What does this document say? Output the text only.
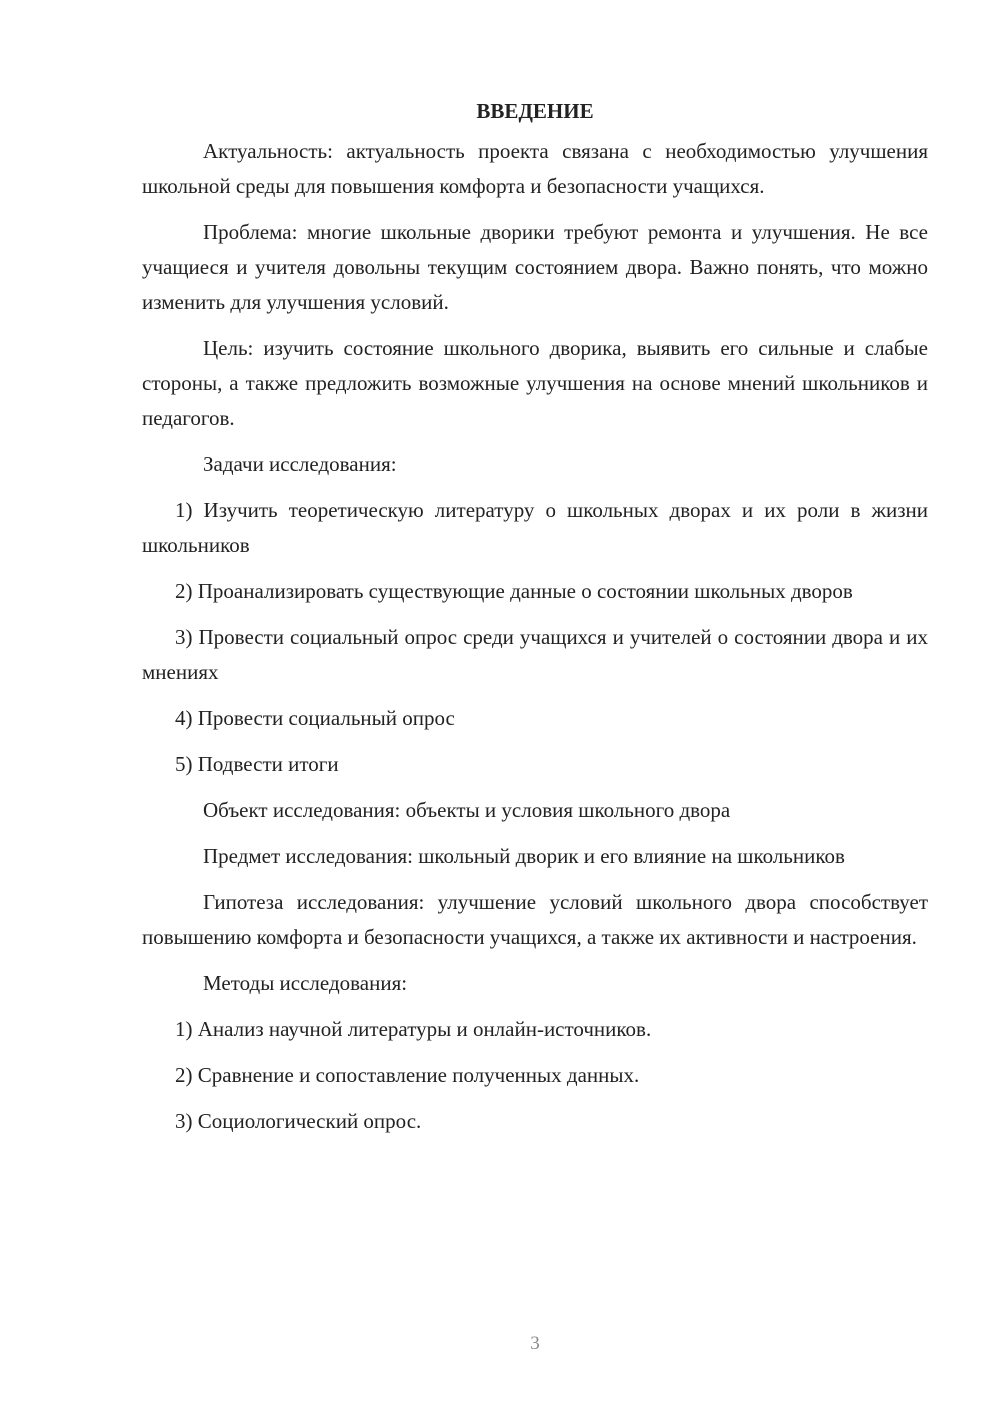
ВВЕДЕНИЕ

Актуальность: актуальность проекта связана с необходимостью улучшения школьной среды для повышения комфорта и безопасности учащихся.

Проблема: многие школьные дворики требуют ремонта и улучшения. Не все учащиеся и учителя довольны текущим состоянием двора. Важно понять, что можно изменить для улучшения условий.

Цель: изучить состояние школьного дворика, выявить его сильные и слабые стороны, а также предложить возможные улучшения на основе мнений школьников и педагогов.

Задачи исследования:

1) Изучить теоретическую литературу о школьных дворах и их роли в жизни школьников

2) Проанализировать существующие данные о состоянии школьных дворов

3) Провести социальный опрос среди учащихся и учителей о состоянии двора и их мнениях

4) Провести социальный опрос

5) Подвести итоги

Объект исследования: объекты и условия школьного двора

Предмет исследования: школьный дворик и его влияние на школьников

Гипотеза исследования: улучшение условий школьного двора способствует повышению комфорта и безопасности учащихся, а также их активности и настроения.

Методы исследования:

1) Анализ научной литературы и онлайн-источников.

2) Сравнение и сопоставление полученных данных.

3) Социологический опрос.

3
